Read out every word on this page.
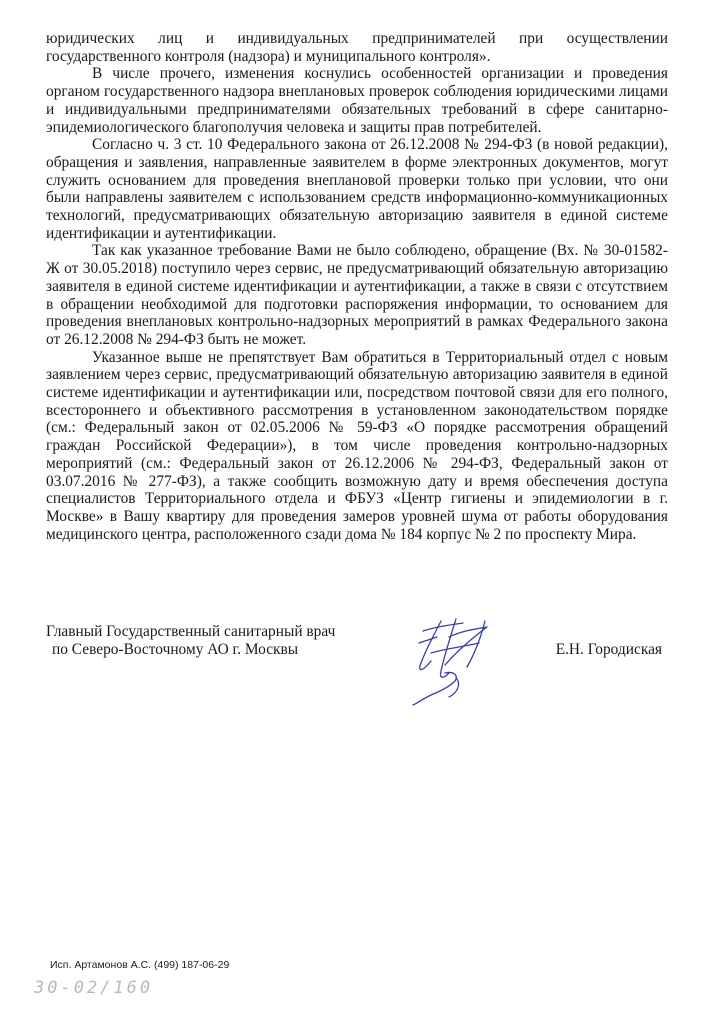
юридических лиц и индивидуальных предпринимателей при осуществлении государственного контроля (надзора) и муниципального контроля».

В числе прочего, изменения коснулись особенностей организации и проведения органом государственного надзора внеплановых проверок соблюдения юридическими лицами и индивидуальными предпринимателями обязательных требований в сфере санитарно-эпидемиологического благополучия человека и защиты прав потребителей.

Согласно ч. 3 ст. 10 Федерального закона от 26.12.2008 № 294-ФЗ (в новой редакции), обращения и заявления, направленные заявителем в форме электронных документов, могут служить основанием для проведения внеплановой проверки только при условии, что они были направлены заявителем с использованием средств информационно-коммуникационных технологий, предусматривающих обязательную авторизацию заявителя в единой системе идентификации и аутентификации.

Так как указанное требование Вами не было соблюдено, обращение (Вх. № 30-01582-Ж от 30.05.2018) поступило через сервис, не предусматривающий обязательную авторизацию заявителя в единой системе идентификации и аутентификации, а также в связи с отсутствием в обращении необходимой для подготовки распоряжения информации, то основанием для проведения внеплановых контрольно-надзорных мероприятий в рамках Федерального закона от 26.12.2008 № 294-ФЗ быть не может.

Указанное выше не препятствует Вам обратиться в Территориальный отдел с новым заявлением через сервис, предусматривающий обязательную авторизацию заявителя в единой системе идентификации и аутентификации или, посредством почтовой связи для его полного, всестороннего и объективного рассмотрения в установленном законодательством порядке (см.: Федеральный закон от 02.05.2006 № 59-ФЗ «О порядке рассмотрения обращений граждан Российской Федерации»), в том числе проведения контрольно-надзорных мероприятий (см.: Федеральный закон от 26.12.2006 № 294-ФЗ, Федеральный закон от 03.07.2016 № 277-ФЗ), а также сообщить возможную дату и время обеспечения доступа специалистов Территориального отдела и ФБУЗ «Центр гигиены и эпидемиологии в г. Москве» в Вашу квартиру для проведения замеров уровней шума от работы оборудования медицинского центра, расположенного сзади дома № 184 корпус № 2 по проспекту Мира.

Главный Государственный санитарный врач
по Северо-Восточному АО г. Москвы	Е.Н. Городиская
Исп. Артамонов А.С. (499) 187-06-29
30-02/160
